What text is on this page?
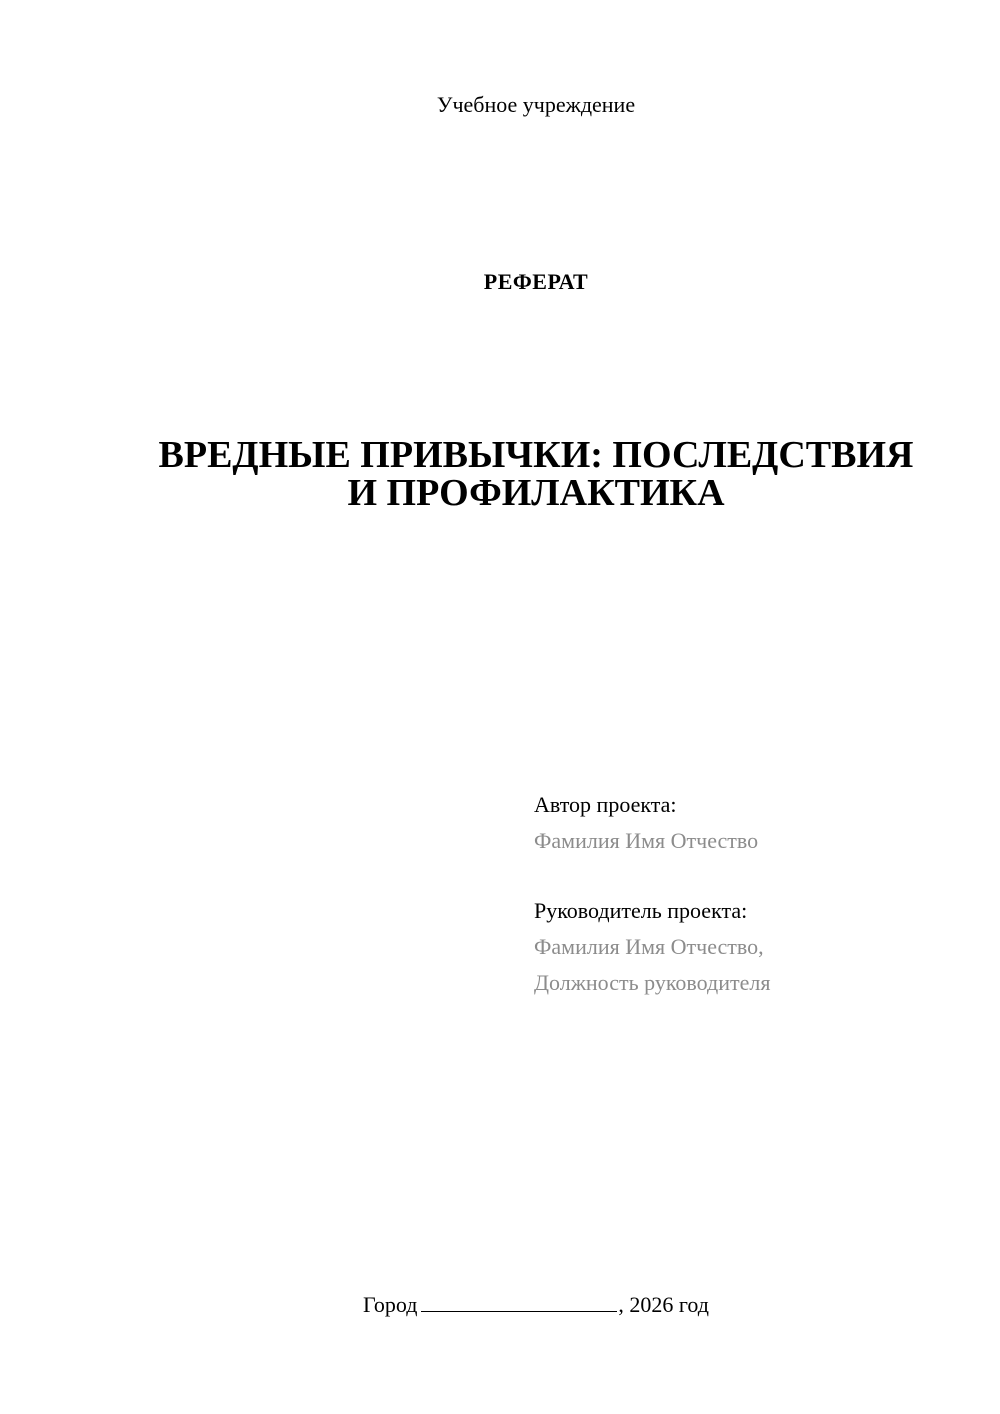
Учебное учреждение
РЕФЕРАТ
ВРЕДНЫЕ ПРИВЫЧКИ: ПОСЛЕДСТВИЯ
И ПРОФИЛАКТИКА
Автор проекта:
Фамилия Имя Отчество
Руководитель проекта:
Фамилия Имя Отчество,
Должность руководителя
Город	, 2026 год
